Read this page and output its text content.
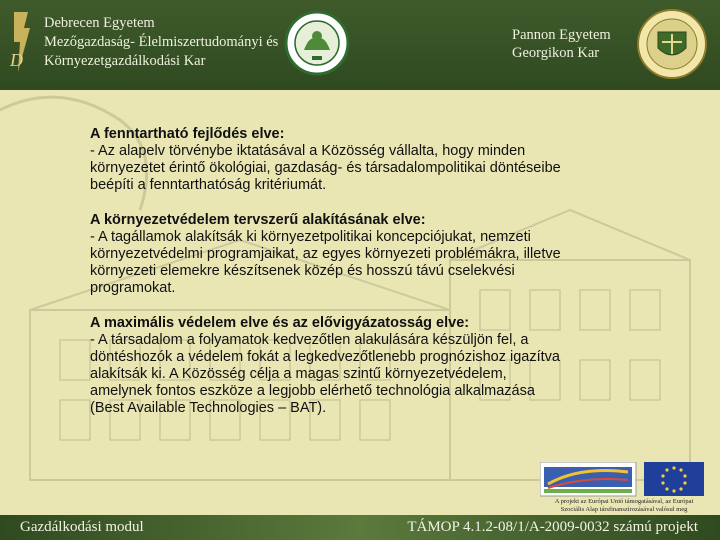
D
Debrecen Egyetem
Mezőgazdaság- Élelmiszertudományi és
Környezetgazdálkodási Kar
Pannon Egyetem
Georgikon Kar
A fenntartható fejlődés elve:
- Az alapelv törvénybe iktatásával a Közösség vállalta, hogy minden
környezetet érintő ökológiai, gazdaság- és társadalompolitikai döntéseibe
beépíti a fenntarthatóság kritériumát.
A környezetvédelem tervszerű alakításának elve:
- A tagállamok alakítsák ki környezetpolitikai koncepciójukat, nemzeti
környezetvédelmi programjaikat, az egyes környezeti problémákra, illetve
környezeti elemekre készítsenek közép és hosszú távú cselekvési
programokat.
A maximális védelem elve és az elővigyázatosság elve:
- A társadalom a folyamatok kedvezőtlen alakulására készüljön fel, a
döntéshozók a védelem fokát a legkedvezőtlenebb prognózishoz igazítva
alakítsák ki. A Közösség célja a magas szintű környezetvédelem,
amelynek fontos eszköze a legjobb elérhető technológia alkalmazása
(Best Available Technologies – BAT).
A projekt az Európai Unió támogatásával, az Európai
Szociális Alap társfinanszírozásával valósul meg
Gazdálkodási modul	TÁMOP 4.1.2-08/1/A-2009-0032 számú projekt
